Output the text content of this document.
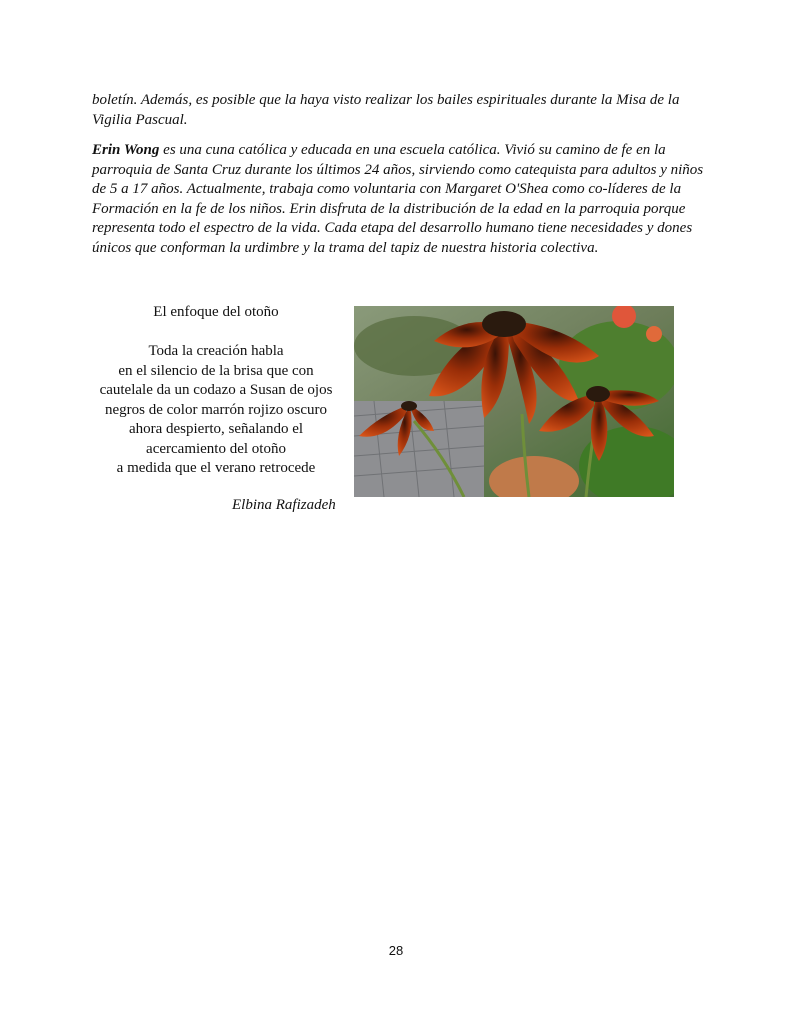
boletín. Además, es posible que la haya visto realizar los bailes espirituales durante la Misa de la Vigilia Pascual.

Erin Wong es una cuna católica y educada en una escuela católica. Vivió su camino de fe en la parroquia de Santa Cruz durante los últimos 24 años, sirviendo como catequista para adultos y niños de 5 a 17 años. Actualmente, trabaja como voluntaria con Margaret O'Shea como co-líderes de la Formación en la fe de los niños. Erin disfruta de la distribución de la edad en la parroquia porque representa todo el espectro de la vida. Cada etapa del desarrollo humano tiene necesidades y dones únicos que conforman la urdimbre y la trama del tapiz de nuestra historia colectiva.

El enfoque del otoño
Toda la creación habla
en el silencio de la brisa que con
cautelale da un codazo a Susan de ojos
negros de color marrón rojizo oscuro
ahora despierto, señalando el
acercamiento del otoño
a medida que el verano retrocede
Elbina Rafizadeh
28
